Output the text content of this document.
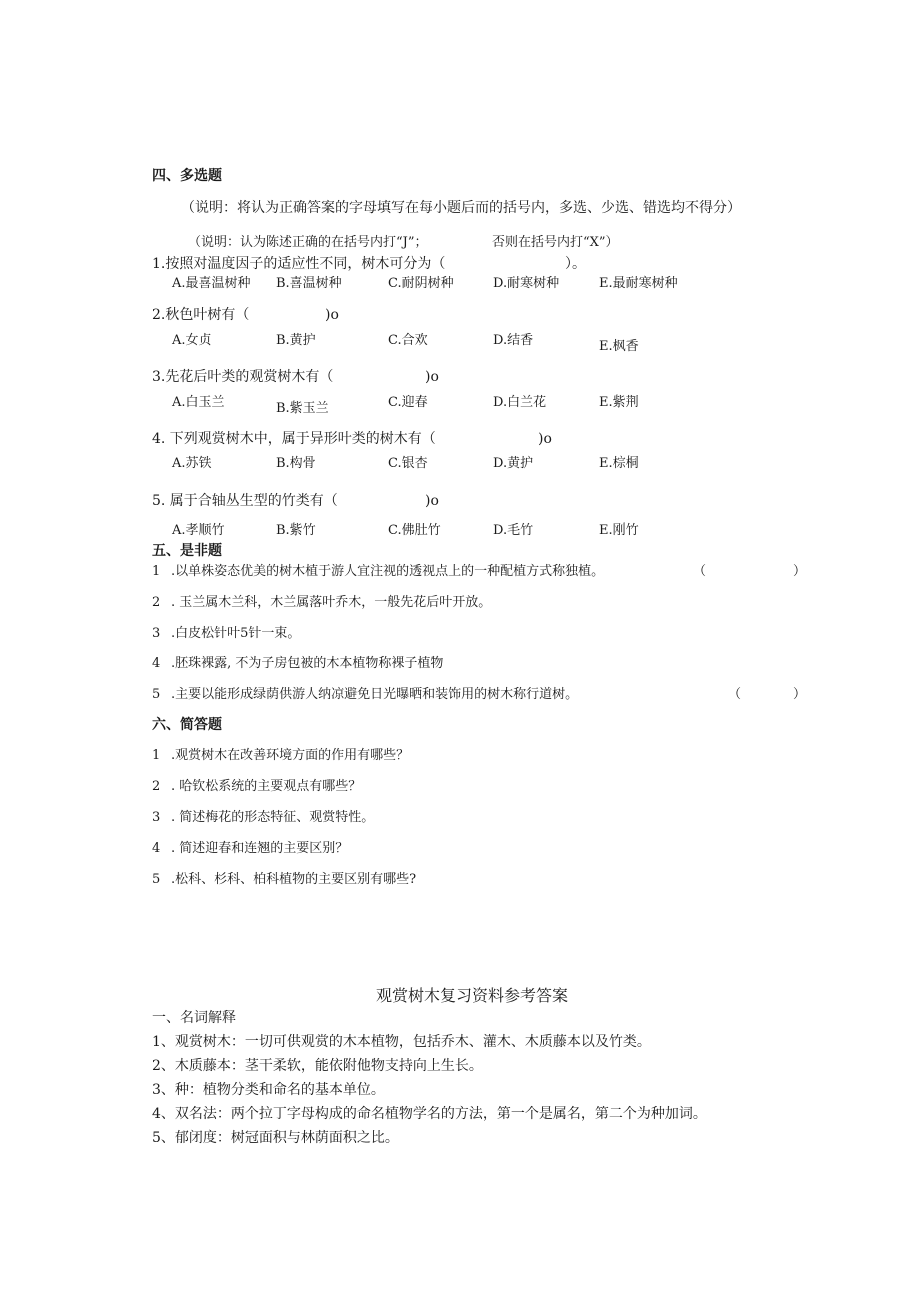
四、多选题
（说明：将认为正确答案的字母填写在每小题后而的括号内，多选、少选、错选均不得分）
（说明：认为陈述正确的在括号内打“J”；	否则在括号内打“X”）
1.按照对温度因子的适应性不同，树木可分为（	）。
A.最喜温树种 B.喜温树种	C.耐阴树种	D.耐寒树种	E.最耐寒树种
2.秋色叶树有（	)o
A.女贞	B.黄护	C.合欢	D.结香	E.枫香
3.先花后叶类的观赏树木有（	)o
A.白玉兰	B.紫玉兰	C.迎春	D.白兰花	E.紫荆
4. 下列观赏树木中，属于异形叶类的树木有（	)o
A.苏铁	B.构骨	C.银杏	D.黄护	E.棕桐
5. 属于合轴丛生型的竹类有（	)o
A.孝顺竹	B.紫竹	C.佛肚竹	D.毛竹	E.刚竹
五、是非题
1 .以单株姿态优美的树木植于游人宜注视的透视点上的一种配植方式称独植。	（	）
2 . 玉兰属木兰科，木兰属落叶乔木，一般先花后叶开放。
3 .白皮松针叶5针一束。
4 .胚珠裸露, 不为子房包被的木本植物称裸子植物
5 .主要以能形成绿荫供游人纳凉避免日光曝晒和装饰用的树木称行道树。	（	）
六、简答题
1 .观赏树木在改善环境方面的作用有哪些？
2 . 哈钦松系统的主要观点有哪些？
3 . 简述梅花的形态特征、观赏特性。
4 . 简述迎春和连翘的主要区别？
5 .松科、杉科、柏科植物的主要区别有哪些?
观赏树木复习资料参考答案
一、名词解释
1、观赏树木：一切可供观赏的木本植物，包括乔木、灌木、木质藤本以及竹类。
2、木质藤本：茎干柔软，能依附他物支持向上生长。
3、种：植物分类和命名的基本单位。
4、双名法：两个拉丁字母构成的命名植物学名的方法，第一个是属名，第二个为种加词。
5、郁闭度：树冠面积与林荫面积之比。
